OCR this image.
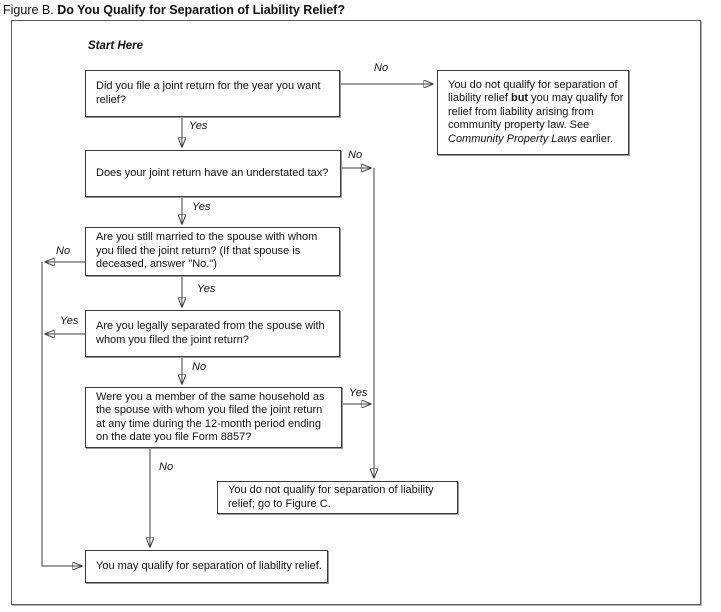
Figure B. Do You Qualify for Separation of Liability Relief?
Start Here
No
Yes
No
Yes
No
Yes
Yes
No
Yes
No
Did you file a joint return for the year you want
relief?
Does your joint return have an understated tax?
Are you still married to the spouse with whom
you filed the joint return? (If that spouse is
deceased, answer "No.")
Are you legally separated from the spouse with
whom you filed the joint return?
Were you a member of the same household as
the spouse with whom you filed the joint return
at any time during the 12-month period ending
on the date you file Form 8857?
You do not qualify for separation of
liability relief but you may qualify for
relief from liability arising from
community property law. See
Community Property Laws earlier.
You do not qualify for separation of liability
relief; go to Figure C.
You may qualify for separation of liability relief.
